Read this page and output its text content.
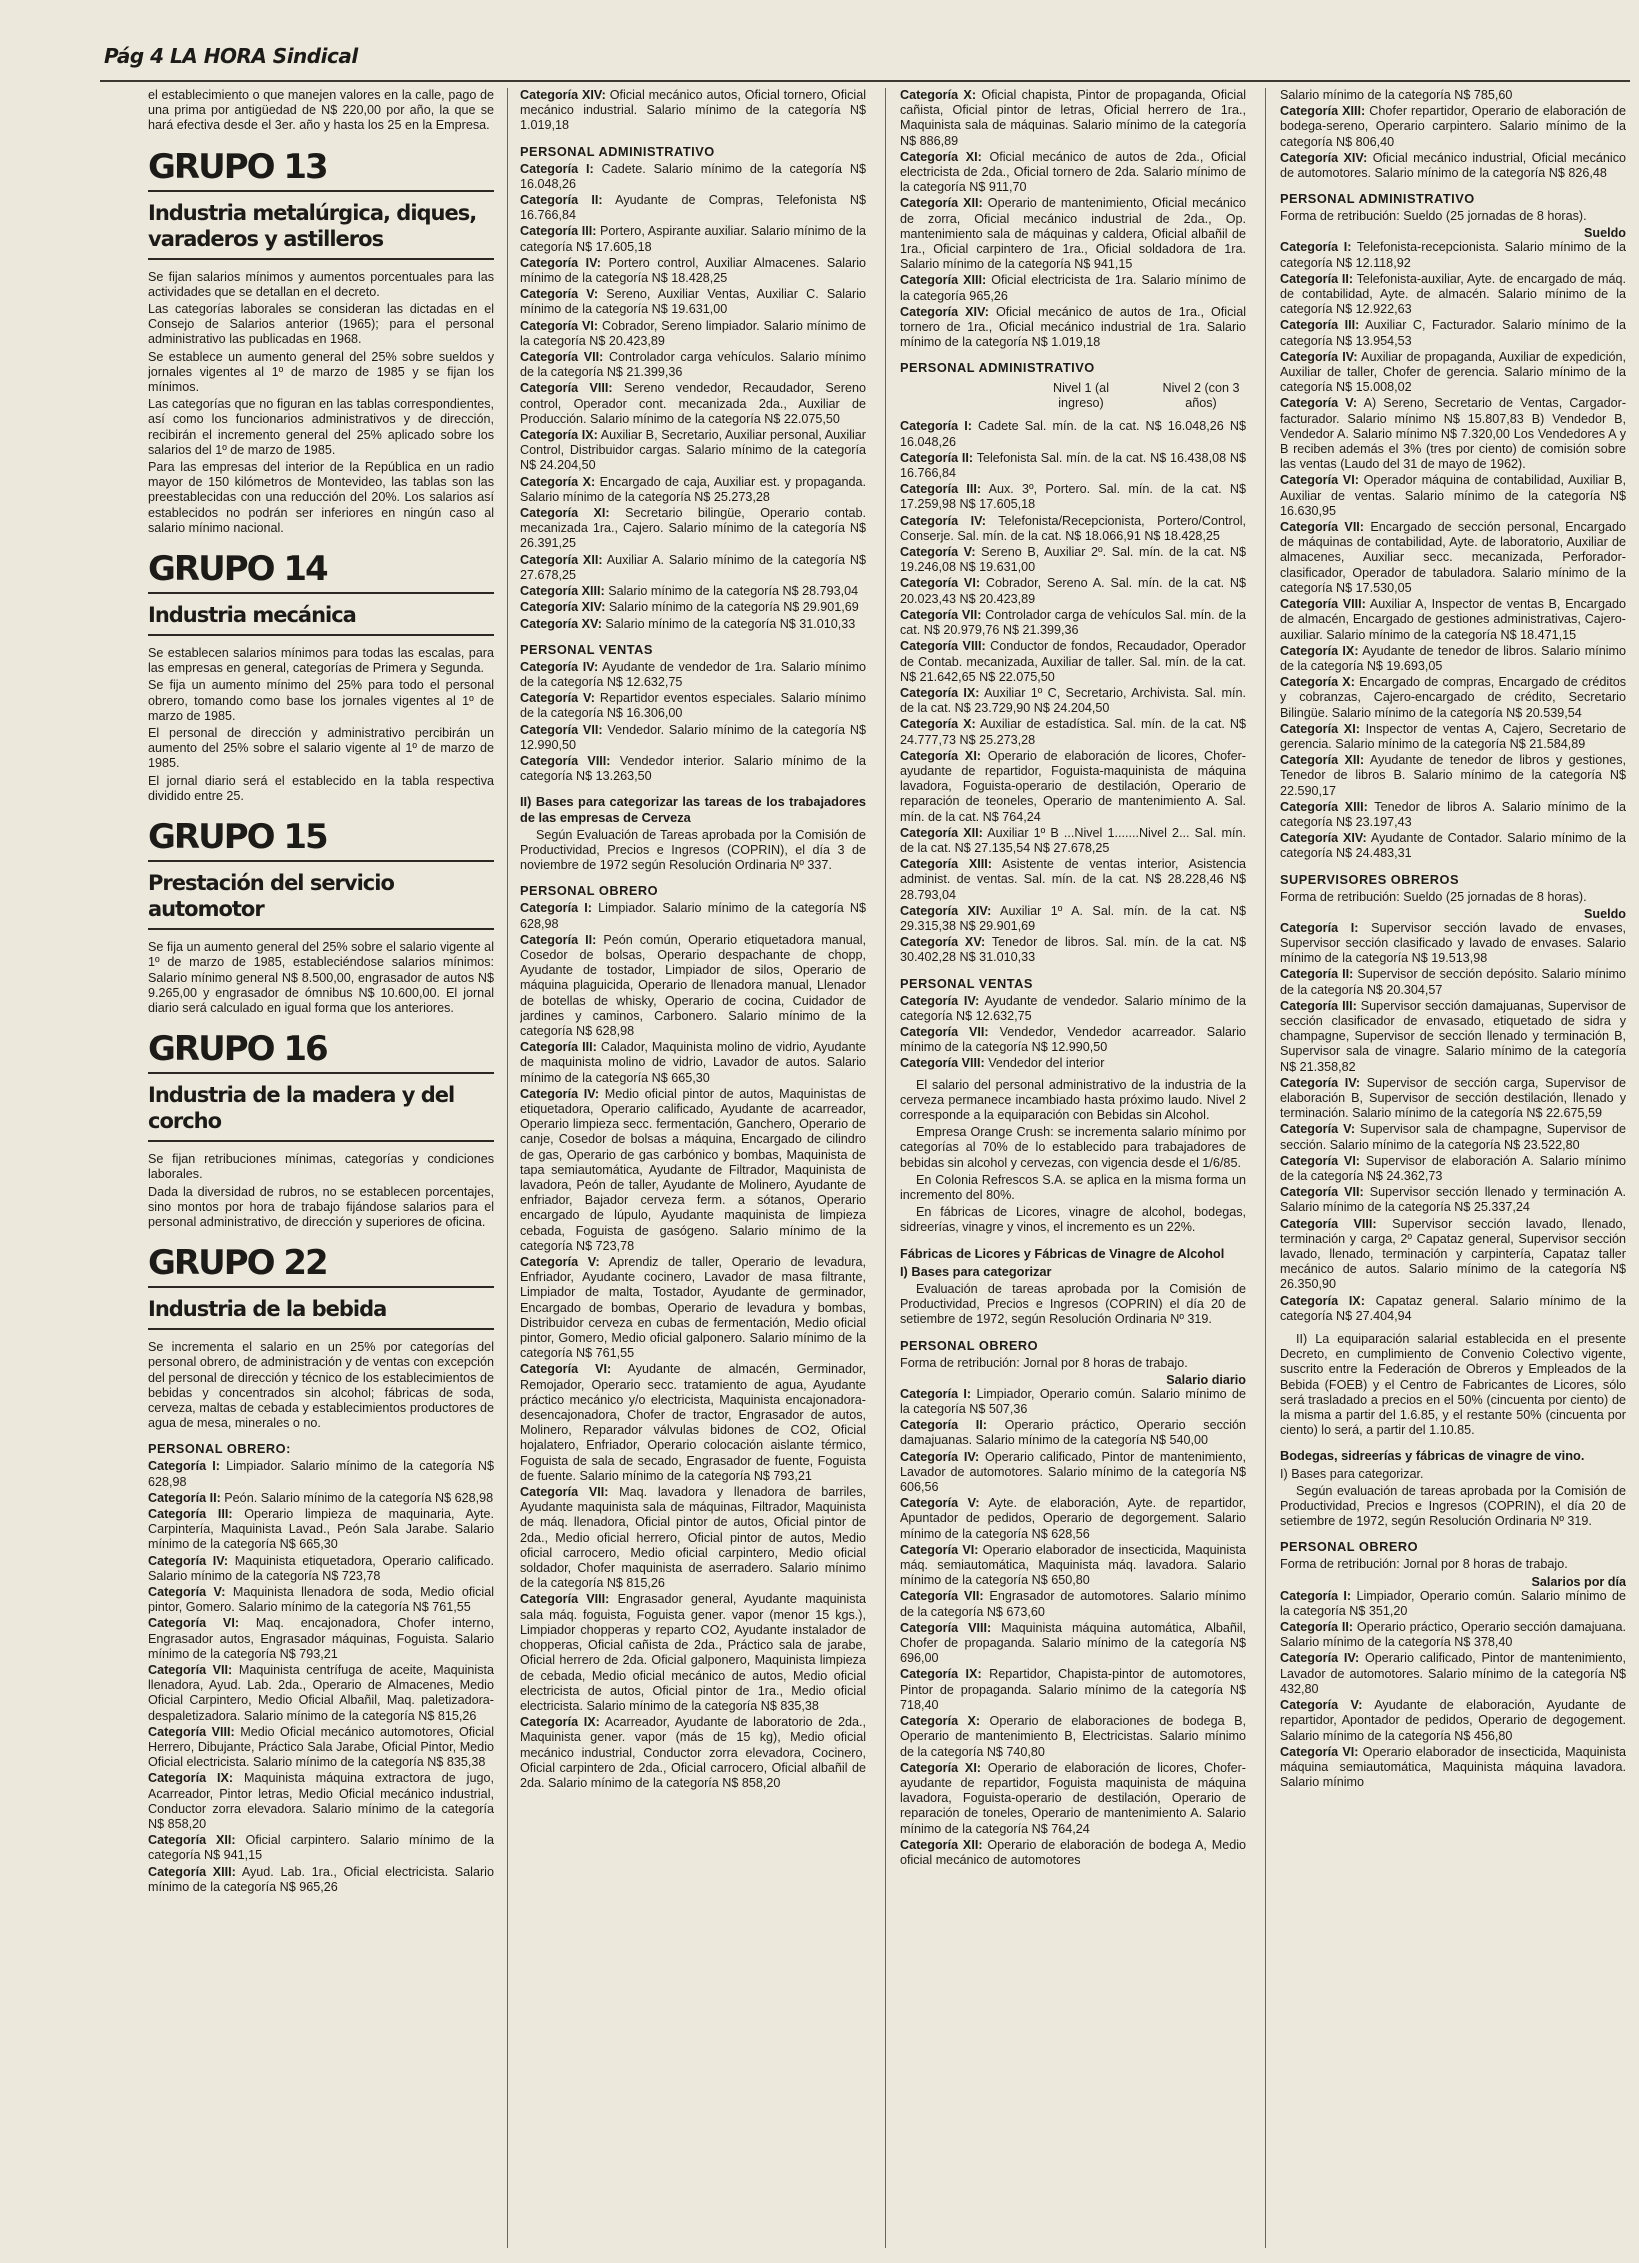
Pág 4 LA HORA Sindical

el establecimiento o que manejen valores en la calle, pago de una prima por antigüedad de N$ 220,00 por año, la que se hará efectiva desde el 3er. año y hasta los 25 en la Empresa.

GRUPO 13
Industria metalúrgica, diques, varaderos y astilleros

Se fijan salarios mínimos y aumentos porcentuales para las actividades que se detallan en el decreto.

Las categorías laborales se consideran las dictadas en el Consejo de Salarios anterior (1965); para el personal administrativo las publicadas en 1968.

Se establece un aumento general del 25% sobre sueldos y jornales vigentes al 1º de marzo de 1985 y se fijan los mínimos.

Las categorías que no figuran en las tablas correspondientes, así como los funcionarios administrativos y de dirección, recibirán el incremento general del 25% aplicado sobre los salarios del 1º de marzo de 1985.

Para las empresas del interior de la República en un radio mayor de 150 kilómetros de Montevideo, las tablas son las preestablecidas con una reducción del 20%. Los salarios así establecidos no podrán ser inferiores en ningún caso al salario mínimo nacional.

GRUPO 14
Industria mecánica

Se establecen salarios mínimos para todas las escalas, para las empresas en general, categorías de Primera y Segunda.

Se fija un aumento mínimo del 25% para todo el personal obrero, tomando como base los jornales vigentes al 1º de marzo de 1985.

El personal de dirección y administrativo percibirán un aumento del 25% sobre el salario vigente al 1º de marzo de 1985.

El jornal diario será el establecido en la tabla respectiva dividido entre 25.

GRUPO 15
Prestación del servicio automotor

Se fija un aumento general del 25% sobre el salario vigente al 1º de marzo de 1985, estableciéndose salarios mínimos: Salario mínimo general N$ 8.500,00, engrasador de autos N$ 9.265,00 y engrasador de ómnibus N$ 10.600,00. El jornal diario será calculado en igual forma que los anteriores.

GRUPO 16
Industria de la madera y del corcho

Se fijan retribuciones mínimas, categorías y condiciones laborales.

Dada la diversidad de rubros, no se establecen porcentajes, sino montos por hora de trabajo fijándose salarios para el personal administrativo, de dirección y superiores de oficina.

GRUPO 22
Industria de la bebida

Se incrementa el salario en un 25% por categorías del personal obrero, de administración y de ventas con excepción del personal de dirección y técnico de los establecimientos de bebidas y concentrados sin alcohol; fábricas de soda, cerveza, maltas de cebada y establecimientos productores de agua de mesa, minerales o no.

PERSONAL OBRERO:

Categoría I: Limpiador. Salario mínimo de la categoría N$ 628,98

Categoría II: Peón. Salario mínimo de la categoría N$ 628,98

Categoría III: Operario limpieza de maquinaria, Ayte. Carpintería, Maquinista Lavad., Peón Sala Jarabe. Salario mínimo de la categoría N$ 665,30

Categoría IV: Maquinista etiquetadora, Operario calificado. Salario mínimo de la categoría N$ 723,78

Categoría V: Maquinista llenadora de soda, Medio oficial pintor, Gomero. Salario mínimo de la categoría N$ 761,55

Categoría VI: Maq. encajonadora, Chofer interno, Engrasador autos, Engrasador máquinas, Foguista. Salario mínimo de la categoría N$ 793,21

Categoría VII: Maquinista centrífuga de aceite, Maquinista llenadora, Ayud. Lab. 2da., Operario de Almacenes, Medio Oficial Carpintero, Medio Oficial Albañil, Maq. paletizadora-despaletizadora. Salario mínimo de la categoría N$ 815,26

Categoría VIII: Medio Oficial mecánico automotores, Oficial Herrero, Dibujante, Práctico Sala Jarabe, Oficial Pintor, Medio Oficial electricista. Salario mínimo de la categoría N$ 835,38

Categoría IX: Maquinista máquina extractora de jugo, Acarreador, Pintor letras, Medio Oficial mecánico industrial, Conductor zorra elevadora. Salario mínimo de la categoría N$ 858,20

Categoría XII: Oficial carpintero. Salario mínimo de la categoría N$ 941,15

Categoría XIII: Ayud. Lab. 1ra., Oficial electricista. Salario mínimo de la categoría N$ 965,26

Categoría XIV: Oficial mecánico autos, Oficial tornero, Oficial mecánico industrial. Salario mínimo de la categoría N$ 1.019,18

PERSONAL ADMINISTRATIVO

Categoría I: Cadete. Salario mínimo de la categoría N$ 16.048,26

Categoría II: Ayudante de Compras, Telefonista N$ 16.766,84

Categoría III: Portero, Aspirante auxiliar. Salario mínimo de la categoría N$ 17.605,18

Categoría IV: Portero control, Auxiliar Almacenes. Salario mínimo de la categoría N$ 18.428,25

Categoría V: Sereno, Auxiliar Ventas, Auxiliar C. Salario mínimo de la categoría N$ 19.631,00

Categoría VI: Cobrador, Sereno limpiador. Salario mínimo de la categoría N$ 20.423,89

Categoría VII: Controlador carga vehículos. Salario mínimo de la categoría N$ 21.399,36

Categoría VIII: Sereno vendedor, Recaudador, Sereno control, Operador cont. mecanizada 2da., Auxiliar de Producción. Salario mínimo de la categoría N$ 22.075,50

Categoría IX: Auxiliar B, Secretario, Auxiliar personal, Auxiliar Control, Distribuidor cargas. Salario mínimo de la categoría N$ 24.204,50

Categoría X: Encargado de caja, Auxiliar est. y propaganda. Salario mínimo de la categoría N$ 25.273,28

Categoría XI: Secretario bilingüe, Operario contab. mecanizada 1ra., Cajero. Salario mínimo de la categoría N$ 26.391,25

Categoría XII: Auxiliar A. Salario mínimo de la categoría N$ 27.678,25

Categoría XIII: Salario mínimo de la categoría N$ 28.793,04

Categoría XIV: Salario mínimo de la categoría N$ 29.901,69

Categoría XV: Salario mínimo de la categoría N$ 31.010,33

PERSONAL VENTAS

Categoría IV: Ayudante de vendedor de 1ra. Salario mínimo de la categoría N$ 12.632,75

Categoría V: Repartidor eventos especiales. Salario mínimo de la categoría N$ 16.306,00

Categoría VII: Vendedor. Salario mínimo de la categoría N$ 12.990,50

Categoría VIII: Vendedor interior. Salario mínimo de la categoría N$ 13.263,50

II) Bases para categorizar las tareas de los trabajadores de las empresas de Cerveza

Según Evaluación de Tareas aprobada por la Comisión de Productividad, Precios e Ingresos (COPRIN), el día 3 de noviembre de 1972 según Resolución Ordinaria Nº 337.

PERSONAL OBRERO

Categoría I: Limpiador. Salario mínimo de la categoría N$ 628,98

Categoría II: Peón común, Operario etiquetadora manual, Cosedor de bolsas, Operario despachante de chopp, Ayudante de tostador, Limpiador de silos, Operario de máquina plaguicida, Operario de llenadora manual, Llenador de botellas de whisky, Operario de cocina, Cuidador de jardines y caminos, Carbonero. Salario mínimo de la categoría N$ 628,98

Categoría III: Calador, Maquinista molino de vidrio, Ayudante de maquinista molino de vidrio, Lavador de autos. Salario mínimo de la categoría N$ 665,30

Categoría IV: Medio oficial pintor de autos, Maquinistas de etiquetadora, Operario calificado, Ayudante de acarreador, Operario limpieza secc. fermentación, Ganchero, Operario de canje, Cosedor de bolsas a máquina, Encargado de cilindro de gas, Operario de gas carbónico y bombas, Maquinista de tapa semiautomática, Ayudante de Filtrador, Maquinista de lavadora, Peón de taller, Ayudante de Molinero, Ayudante de enfriador, Bajador cerveza ferm. a sótanos, Operario encargado de lúpulo, Ayudante maquinista de limpieza cebada, Foguista de gasógeno. Salario mínimo de la categoría N$ 723,78

Categoría V: Aprendiz de taller, Operario de levadura, Enfriador, Ayudante cocinero, Lavador de masa filtrante, Limpiador de malta, Tostador, Ayudante de germinador, Encargado de bombas, Operario de levadura y bombas, Distribuidor cerveza en cubas de fermentación, Medio oficial pintor, Gomero, Medio oficial galponero. Salario mínimo de la categoría N$ 761,55

Categoría VI: Ayudante de almacén, Germinador, Remojador, Operario secc. tratamiento de agua, Ayudante práctico mecánico y/o electricista, Maquinista encajonadora-desencajonadora, Chofer de tractor, Engrasador de autos, Molinero, Reparador válvulas bidones de CO2, Oficial hojalatero, Enfriador, Operario colocación aislante térmico, Foguista de sala de secado, Engrasador de fuente, Foguista de fuente. Salario mínimo de la categoría N$ 793,21

Categoría VII: Maq. lavadora y llenadora de barriles, Ayudante maquinista sala de máquinas, Filtrador, Maquinista de máq. llenadora, Oficial pintor de autos, Oficial pintor de 2da., Medio oficial herrero, Oficial pintor de autos, Medio oficial carrocero, Medio oficial carpintero, Medio oficial soldador, Chofer maquinista de aserradero. Salario mínimo de la categoría N$ 815,26

Categoría VIII: Engrasador general, Ayudante maquinista sala máq. foguista, Foguista gener. vapor (menor 15 kgs.), Limpiador chopperas y reparto CO2, Ayudante instalador de chopperas, Oficial cañista de 2da., Práctico sala de jarabe, Oficial herrero de 2da. Oficial galponero, Maquinista limpieza de cebada, Medio oficial mecánico de autos, Medio oficial electricista de autos, Oficial pintor de 1ra., Medio oficial electricista. Salario mínimo de la categoría N$ 835,38

Categoría IX: Acarreador, Ayudante de laboratorio de 2da., Maquinista gener. vapor (más de 15 kg), Medio oficial mecánico industrial, Conductor zorra elevadora, Cocinero, Oficial carpintero de 2da., Oficial carrocero, Oficial albañil de 2da. Salario mínimo de la categoría N$ 858,20

Categoría X: Oficial chapista, Pintor de propaganda, Oficial cañista, Oficial pintor de letras, Oficial herrero de 1ra., Maquinista sala de máquinas. Salario mínimo de la categoría N$ 886,89

Categoría XI: Oficial mecánico de autos de 2da., Oficial electricista de 2da., Oficial tornero de 2da. Salario mínimo de la categoría N$ 911,70

Categoría XII: Operario de mantenimiento, Oficial mecánico de zorra, Oficial mecánico industrial de 2da., Op. mantenimiento sala de máquinas y caldera, Oficial albañil de 1ra., Oficial carpintero de 1ra., Oficial soldadora de 1ra. Salario mínimo de la categoría N$ 941,15

Categoría XIII: Oficial electricista de 1ra. Salario mínimo de la categoría 965,26

Categoría XIV: Oficial mecánico de autos de 1ra., Oficial tornero de 1ra., Oficial mecánico industrial de 1ra. Salario mínimo de la categoría N$ 1.019,18

PERSONAL ADMINISTRATIVO
Nivel 1 (al ingreso)
Nivel 2 (con 3 años)

Categoría I: Cadete Sal. mín. de la cat. N$ 16.048,26 N$ 16.048,26

Categoría II: Telefonista Sal. mín. de la cat. N$ 16.438,08 N$ 16.766,84

Categoría III: Aux. 3º, Portero. Sal. mín. de la cat. N$ 17.259,98 N$ 17.605,18

Categoría IV: Telefonista/Recepcionista, Portero/Control, Conserje. Sal. mín. de la cat. N$ 18.066,91 N$ 18.428,25

Categoría V: Sereno B, Auxiliar 2º. Sal. mín. de la cat. N$ 19.246,08 N$ 19.631,00

Categoría VI: Cobrador, Sereno A. Sal. mín. de la cat. N$ 20.023,43 N$ 20.423,89

Categoría VII: Controlador carga de vehículos Sal. mín. de la cat. N$ 20.979,76 N$ 21.399,36

Categoría VIII: Conductor de fondos, Recaudador, Operador de Contab. mecanizada, Auxiliar de taller. Sal. mín. de la cat. N$ 21.642,65 N$ 22.075,50

Categoría IX: Auxiliar 1º C, Secretario, Archivista. Sal. mín. de la cat. N$ 23.729,90 N$ 24.204,50

Categoría X: Auxiliar de estadística. Sal. mín. de la cat. N$ 24.777,73 N$ 25.273,28

Categoría XI: Operario de elaboración de licores, Chofer-ayudante de repartidor, Foguista-maquinista de máquina lavadora, Foguista-operario de destilación, Operario de reparación de teoneles, Operario de mantenimiento A. Sal. mín. de la cat. N$ 764,24

Categoría XII: Auxiliar 1º B ...Nivel 1.......Nivel 2... Sal. mín. de la cat. N$ 27.135,54 N$ 27.678,25

Categoría XIII: Asistente de ventas interior, Asistencia administ. de ventas. Sal. mín. de la cat. N$ 28.228,46 N$ 28.793,04

Categoría XIV: Auxiliar 1º A. Sal. mín. de la cat. N$ 29.315,38 N$ 29.901,69

Categoría XV: Tenedor de libros. Sal. mín. de la cat. N$ 30.402,28 N$ 31.010,33

PERSONAL VENTAS

Categoría IV: Ayudante de vendedor. Salario mínimo de la categoría N$ 12.632,75

Categoría VII: Vendedor, Vendedor acarreador. Salario mínimo de la categoría N$ 12.990,50

Categoría VIII: Vendedor del interior

El salario del personal administrativo de la industria de la cerveza permanece incambiado hasta próximo laudo. Nivel 2 corresponde a la equiparación con Bebidas sin Alcohol.

Empresa Orange Crush: se incrementa salario mínimo por categorías al 70% de lo establecido para trabajadores de bebidas sin alcohol y cervezas, con vigencia desde el 1/6/85.

En Colonia Refrescos S.A. se aplica en la misma forma un incremento del 80%.

En fábricas de Licores, vinagre de alcohol, bodegas, sidreerías, vinagre y vinos, el incremento es un 22%.

Fábricas de Licores y Fábricas de Vinagre de Alcohol

I) Bases para categorizar

Evaluación de tareas aprobada por la Comisión de Productividad, Precios e Ingresos (COPRIN) el día 20 de setiembre de 1972, según Resolución Ordinaria Nº 319.

PERSONAL OBRERO

Forma de retribución: Jornal por 8 horas de trabajo.

Salario diario

Categoría I: Limpiador, Operario común. Salario mínimo de la categoría N$ 507,36

Categoría II: Operario práctico, Operario sección damajuanas. Salario mínimo de la categoría N$ 540,00

Categoría IV: Operario calificado, Pintor de mantenimiento, Lavador de automotores. Salario mínimo de la categoría N$ 606,56

Categoría V: Ayte. de elaboración, Ayte. de repartidor, Apuntador de pedidos, Operario de degorgement. Salario mínimo de la categoría N$ 628,56

Categoría VI: Operario elaborador de insecticida, Maquinista máq. semiautomática, Maquinista máq. lavadora. Salario mínimo de la categoría N$ 650,80

Categoría VII: Engrasador de automotores. Salario mínimo de la categoría N$ 673,60

Categoría VIII: Maquinista máquina automática, Albañil, Chofer de propaganda. Salario mínimo de la categoría N$ 696,00

Categoría IX: Repartidor, Chapista-pintor de automotores, Pintor de propaganda. Salario mínimo de la categoría N$ 718,40

Categoría X: Operario de elaboraciones de bodega B, Operario de mantenimiento B, Electricistas. Salario mínimo de la categoría N$ 740,80

Categoría XI: Operario de elaboración de licores, Chofer-ayudante de repartidor, Foguista maquinista de máquina lavadora, Foguista-operario de destilación, Operario de reparación de toneles, Operario de mantenimiento A. Salario mínimo de la categoría N$ 764,24

Categoría XII: Operario de elaboración de bodega A, Medio oficial mecánico de automotores

Salario mínimo de la categoría N$ 785,60

Categoría XIII: Chofer repartidor, Operario de elaboración de bodega-sereno, Operario carpintero. Salario mínimo de la categoría N$ 806,40

Categoría XIV: Oficial mecánico industrial, Oficial mecánico de automotores. Salario mínimo de la categoría N$ 826,48

PERSONAL ADMINISTRATIVO

Forma de retribución: Sueldo (25 jornadas de 8 horas).

Sueldo

Categoría I: Telefonista-recepcionista. Salario mínimo de la categoría N$ 12.118,92

Categoría II: Telefonista-auxiliar, Ayte. de encargado de máq. de contabilidad, Ayte. de almacén. Salario mínimo de la categoría N$ 12.922,63

Categoría III: Auxiliar C, Facturador. Salario mínimo de la categoría N$ 13.954,53

Categoría IV: Auxiliar de propaganda, Auxiliar de expedición, Auxiliar de taller, Chofer de gerencia. Salario mínimo de la categoría N$ 15.008,02

Categoría V: A) Sereno, Secretario de Ventas, Cargador-facturador. Salario mínimo N$ 15.807,83 B) Vendedor B, Vendedor A. Salario mínimo N$ 7.320,00 Los Vendedores A y B reciben además el 3% (tres por ciento) de comisión sobre las ventas (Laudo del 31 de mayo de 1962).

Categoría VI: Operador máquina de contabilidad, Auxiliar B, Auxiliar de ventas. Salario mínimo de la categoría N$ 16.630,95

Categoría VII: Encargado de sección personal, Encargado de máquinas de contabilidad, Ayte. de laboratorio, Auxiliar de almacenes, Auxiliar secc. mecanizada, Perforador-clasificador, Operador de tabuladora. Salario mínimo de la categoría N$ 17.530,05

Categoría VIII: Auxiliar A, Inspector de ventas B, Encargado de almacén, Encargado de gestiones administrativas, Cajero-auxiliar. Salario mínimo de la categoría N$ 18.471,15

Categoría IX: Ayudante de tenedor de libros. Salario mínimo de la categoría N$ 19.693,05

Categoría X: Encargado de compras, Encargado de créditos y cobranzas, Cajero-encargado de crédito, Secretario Bilingüe. Salario mínimo de la categoría N$ 20.539,54

Categoría XI: Inspector de ventas A, Cajero, Secretario de gerencia. Salario mínimo de la categoría N$ 21.584,89

Categoría XII: Ayudante de tenedor de libros y gestiones, Tenedor de libros B. Salario mínimo de la categoría N$ 22.590,17

Categoría XIII: Tenedor de libros A. Salario mínimo de la categoría N$ 23.197,43

Categoría XIV: Ayudante de Contador. Salario mínimo de la categoría N$ 24.483,31

SUPERVISORES OBREROS

Forma de retribución: Sueldo (25 jornadas de 8 horas).

Sueldo

Categoría I: Supervisor sección lavado de envases, Supervisor sección clasificado y lavado de envases. Salario mínimo de la categoría N$ 19.513,98

Categoría II: Supervisor de sección depósito. Salario mínimo de la categoría N$ 20.304,57

Categoría III: Supervisor sección damajuanas, Supervisor de sección clasificador de envasado, etiquetado de sidra y champagne, Supervisor de sección llenado y terminación B, Supervisor sala de vinagre. Salario mínimo de la categoría N$ 21.358,82

Categoría IV: Supervisor de sección carga, Supervisor de elaboración B, Supervisor de sección destilación, llenado y terminación. Salario mínimo de la categoría N$ 22.675,59

Categoría V: Supervisor sala de champagne, Supervisor de sección. Salario mínimo de la categoría N$ 23.522,80

Categoría VI: Supervisor de elaboración A. Salario mínimo de la categoría N$ 24.362,73

Categoría VII: Supervisor sección llenado y terminación A. Salario mínimo de la categoría N$ 25.337,24

Categoría VIII: Supervisor sección lavado, llenado, terminación y carga, 2º Capataz general, Supervisor sección lavado, llenado, terminación y carpintería, Capataz taller mecánico de autos. Salario mínimo de la categoría N$ 26.350,90

Categoría IX: Capataz general. Salario mínimo de la categoría N$ 27.404,94

II) La equiparación salarial establecida en el presente Decreto, en cumplimiento de Convenio Colectivo vigente, suscrito entre la Federación de Obreros y Empleados de la Bebida (FOEB) y el Centro de Fabricantes de Licores, sólo será trasladado a precios en el 50% (cincuenta por ciento) de la misma a partir del 1.6.85, y el restante 50% (cincuenta por ciento) lo será, a partir del 1.10.85.

Bodegas, sidreerías y fábricas de vinagre de vino.

I) Bases para categorizar.

Según evaluación de tareas aprobada por la Comisión de Productividad, Precios e Ingresos (COPRIN), el día 20 de setiembre de 1972, según Resolución Ordinaria Nº 319.

PERSONAL OBRERO

Forma de retribución: Jornal por 8 horas de trabajo.

Salarios por día

Categoría I: Limpiador, Operario común. Salario mínimo de la categoría N$ 351,20

Categoría II: Operario práctico, Operario sección damajuana. Salario mínimo de la categoría N$ 378,40

Categoría IV: Operario calificado, Pintor de mantenimiento, Lavador de automotores. Salario mínimo de la categoría N$ 432,80

Categoría V: Ayudante de elaboración, Ayudante de repartidor, Apontador de pedidos, Operario de degogement. Salario mínimo de la categoría N$ 456,80

Categoría VI: Operario elaborador de insecticida, Maquinista máquina semiautomática, Maquinista máquina lavadora. Salario mínimo
